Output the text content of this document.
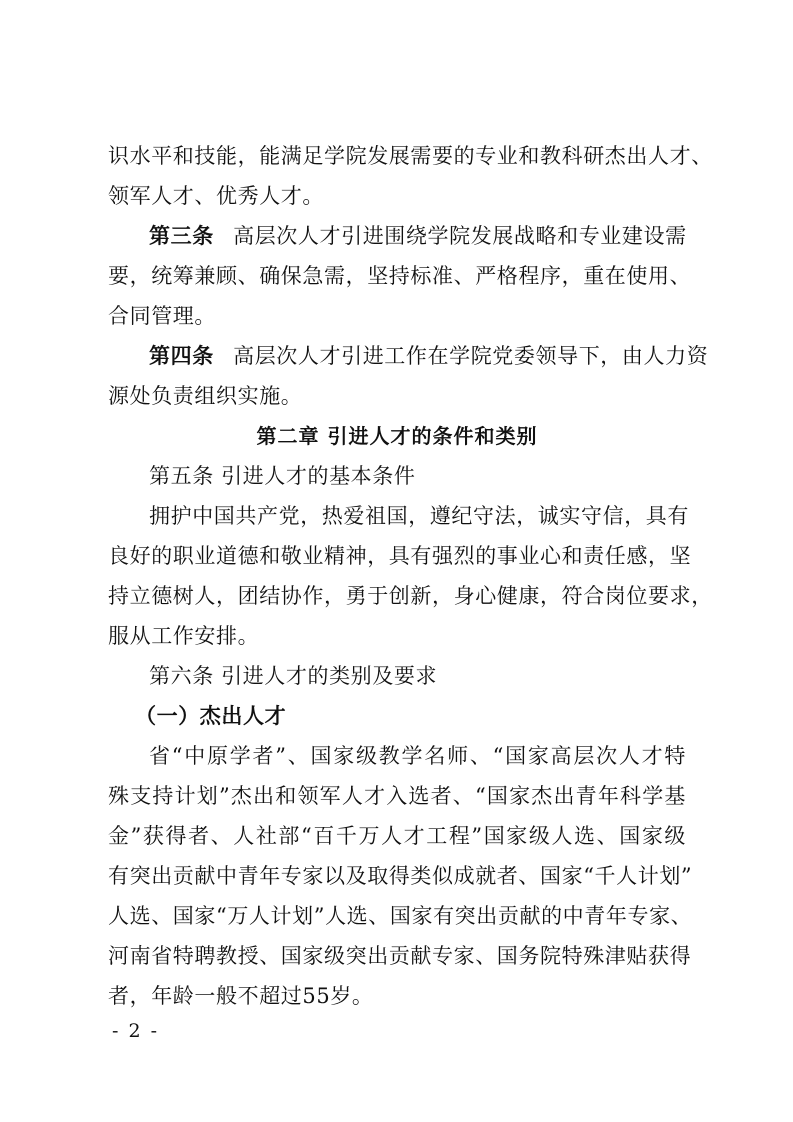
识水平和技能，能满足学院发展需要的专业和教科研杰出人才、
领军人才、优秀人才。
第三条 高层次人才引进围绕学院发展战略和专业建设需
要，统筹兼顾、确保急需，坚持标准、严格程序，重在使用、
合同管理。
第四条 高层次人才引进工作在学院党委领导下，由人力资
源处负责组织实施。
第二章 引进人才的条件和类别
第五条 引进人才的基本条件
拥护中国共产党，热爱祖国，遵纪守法，诚实守信，具有
良好的职业道德和敬业精神，具有强烈的事业心和责任感，坚
持立德树人，团结协作，勇于创新，身心健康，符合岗位要求，
服从工作安排。
第六条 引进人才的类别及要求
（一）杰出人才
省“中原学者”、国家级教学名师、“国家高层次人才特
殊支持计划”杰出和领军人才入选者、“国家杰出青年科学基
金”获得者、人社部“百千万人才工程”国家级人选、国家级
有突出贡献中青年专家以及取得类似成就者、国家“千人计划”
人选、国家“万人计划”人选、国家有突出贡献的中青年专家、
河南省特聘教授、国家级突出贡献专家、国务院特殊津贴获得
者，年龄一般不超过55岁。
- 2 -
